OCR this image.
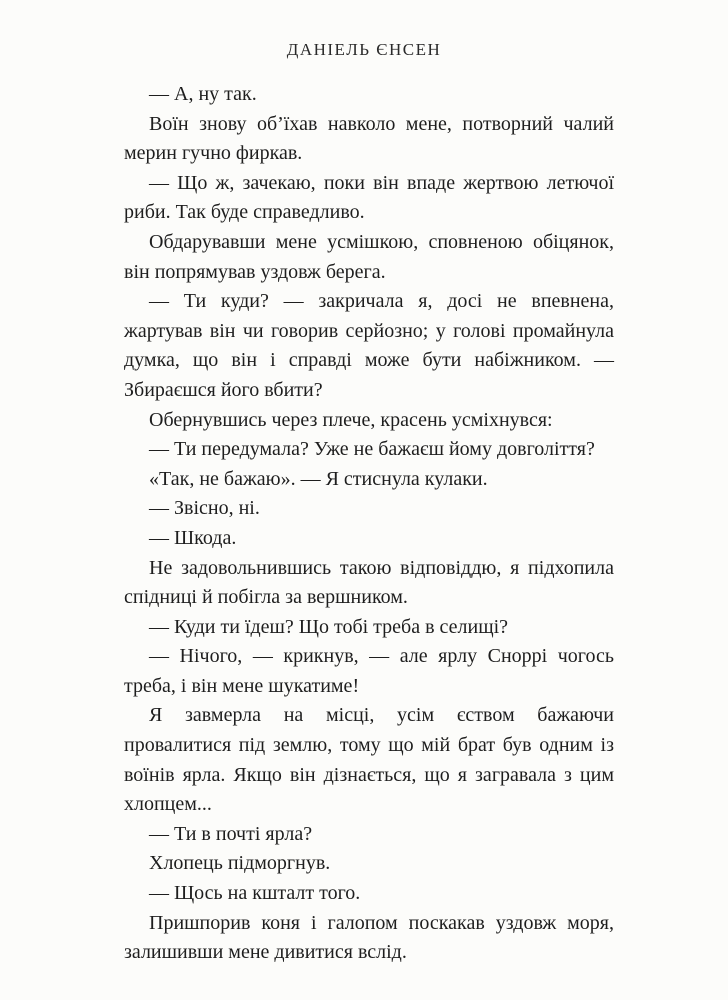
ДАНІЕЛЬ ЄНСЕН

— А, ну так.

Воїн знову об’їхав навколо мене, потворний чалий мерин гучно фиркав.

— Що ж, зачекаю, поки він впаде жертвою летючої риби. Так буде справедливо.

Обдарувавши мене усмішкою, сповненою обіцянок, він попрямував уздовж берега.

— Ти куди? — закричала я, досі не впевнена, жартував він чи говорив серйозно; у голові промайнула думка, що він і справді може бути набіжником. — Збираєшся його вбити?

Обернувшись через плече, красень усміхнувся:

— Ти передумала? Уже не бажаєш йому довголіття?

«Так, не бажаю». — Я стиснула кулаки.

— Звісно, ні.

— Шкода.

Не задовольнившись такою відповіддю, я підхопила спідниці й побігла за вершником.

— Куди ти їдеш? Що тобі треба в селищі?

— Нічого, — крикнув, — але ярлу Сноррі чогось треба, і він мене шукатиме!

Я завмерла на місці, усім єством бажаючи провалитися під землю, тому що мій брат був одним із воїнів ярла. Якщо він дізнається, що я загравала з цим хлопцем...

— Ти в почті ярла?

Хлопець підморгнув.

— Щось на кшталт того.

Пришпорив коня і галопом поскакав уздовж моря, залишивши мене дивитися вслід.
